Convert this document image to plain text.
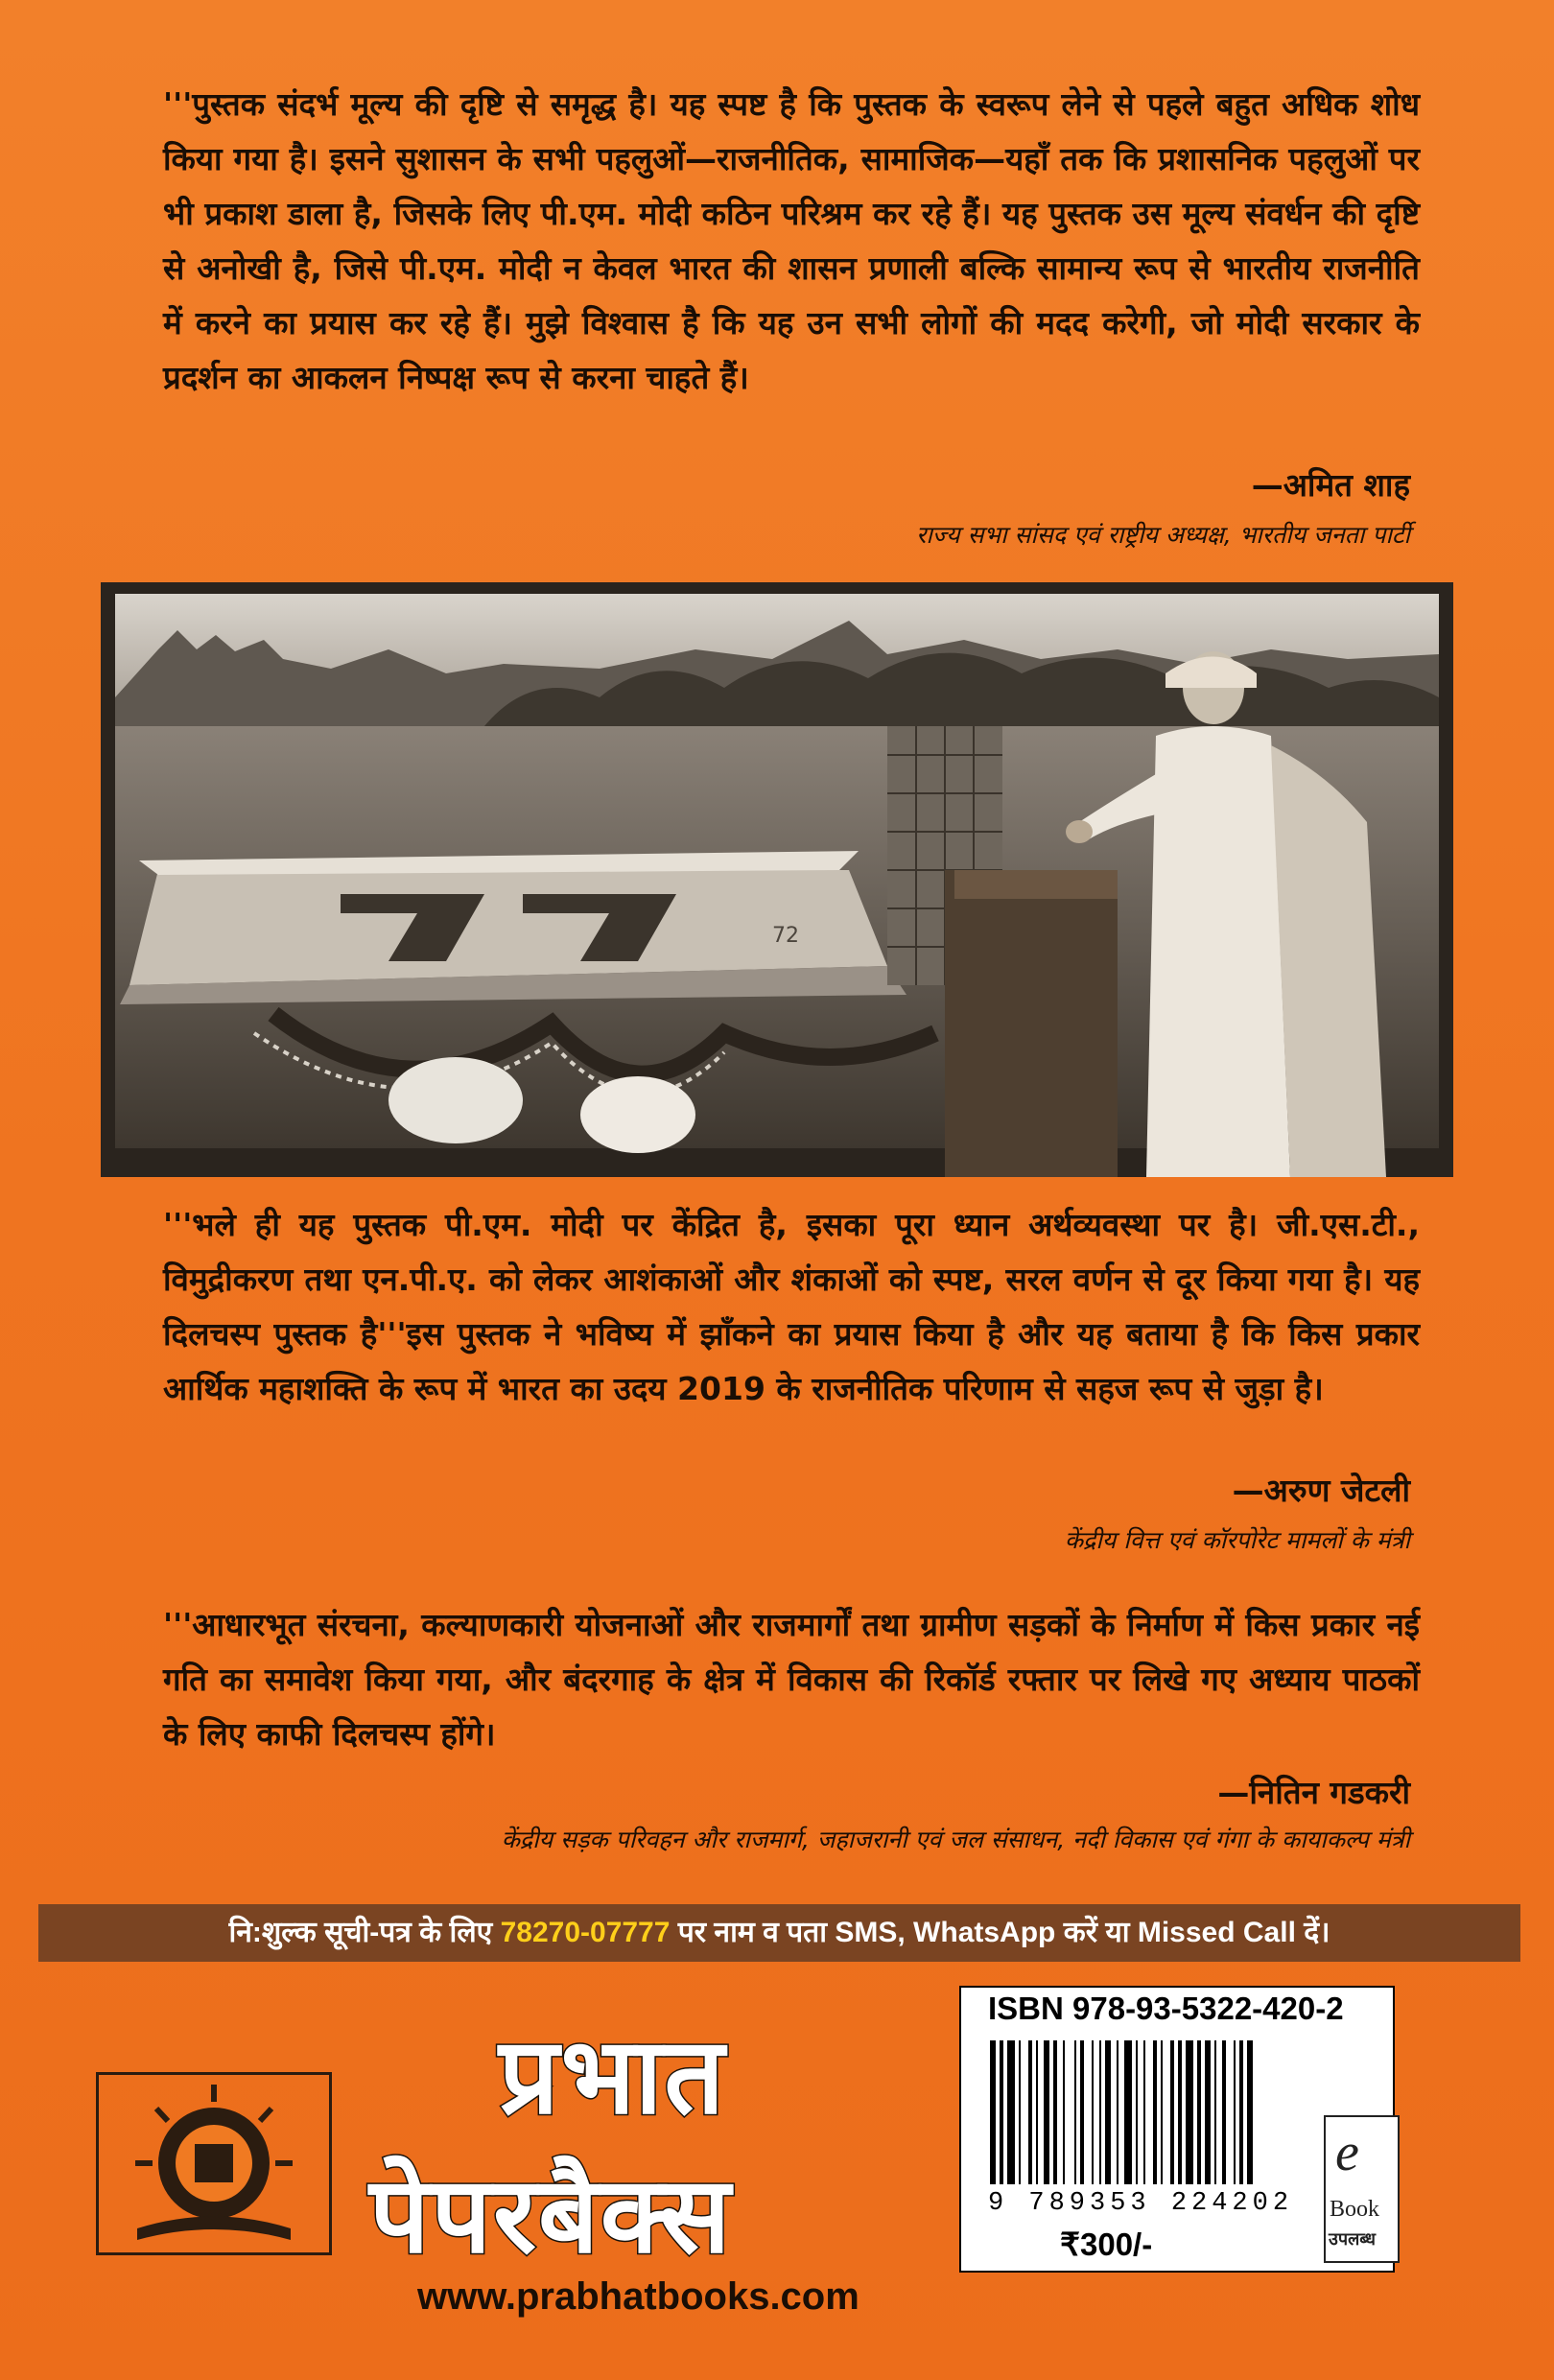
'''पुस्तक संदर्भ मूल्य की दृष्टि से समृद्ध है। यह स्पष्ट है कि पुस्तक के स्वरूप लेने से पहले बहुत अधिक शोध किया गया है। इसने सुशासन के सभी पहलुओं—राजनीतिक, सामाजिक—यहाँ तक कि प्रशासनिक पहलुओं पर भी प्रकाश डाला है, जिसके लिए पी.एम. मोदी कठिन परिश्रम कर रहे हैं। यह पुस्तक उस मूल्य संवर्धन की दृष्टि से अनोखी है, जिसे पी.एम. मोदी न केवल भारत की शासन प्रणाली बल्कि सामान्य रूप से भारतीय राजनीति में करने का प्रयास कर रहे हैं। मुझे विश्वास है कि यह उन सभी लोगों की मदद करेगी, जो मोदी सरकार के प्रदर्शन का आकलन निष्पक्ष रूप से करना चाहते हैं।
—अमित शाह
राज्य सभा सांसद एवं राष्ट्रीय अध्यक्ष, भारतीय जनता पार्टी
72
'''भले ही यह पुस्तक पी.एम. मोदी पर केंद्रित है, इसका पूरा ध्यान अर्थव्यवस्था पर है। जी.एस.टी., विमुद्रीकरण तथा एन.पी.ए. को लेकर आशंकाओं और शंकाओं को स्पष्ट, सरल वर्णन से दूर किया गया है। यह दिलचस्प पुस्तक है'''इस पुस्तक ने भविष्य में झाँकने का प्रयास किया है और यह बताया है कि किस प्रकार आर्थिक महाशक्ति के रूप में भारत का उदय 2019 के राजनीतिक परिणाम से सहज रूप से जुड़ा है।
—अरुण जेटली
केंद्रीय वित्त एवं कॉरपोरेट मामलों के मंत्री
'''आधारभूत संरचना, कल्याणकारी योजनाओं और राजमार्गों तथा ग्रामीण सड़कों के निर्माण में किस प्रकार नई गति का समावेश किया गया, और बंदरगाह के क्षेत्र में विकास की रिकॉर्ड रफ्तार पर लिखे गए अध्याय पाठकों के लिए काफी दिलचस्प होंगे।
—नितिन गडकरी
केंद्रीय सड़क परिवहन और राजमार्ग, जहाजरानी एवं जल संसाधन, नदी विकास एवं गंगा के कायाकल्प मंत्री
नि:शुल्क सूची-पत्र के लिए 78270-07777 पर नाम व पता SMS, WhatsApp करें या Missed Call दें।
प्रभात
पेपरबैक्स
www.prabhatbooks.com
ISBN 978-93-5322-420-2
9 789353 224202
₹300/-
e
Book
उपलब्ध
